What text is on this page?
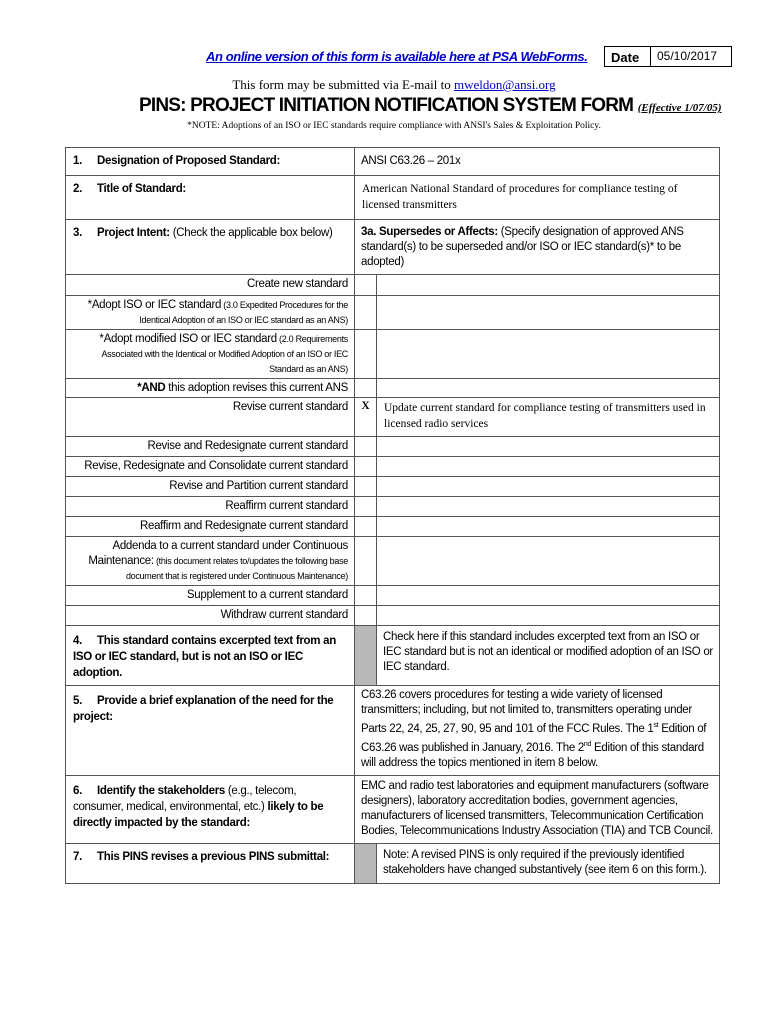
An online version of this form is available here at PSA WebForms.	Date	05/10/2017
This form may be submitted via E-mail to mweldon@ansi.org
PINS: PROJECT INITIATION NOTIFICATION SYSTEM FORM (Effective 1/07/05)
*NOTE: Adoptions of an ISO or IEC standards require compliance with ANSI's Sales & Exploitation Policy.
1. Designation of Proposed Standard:	ANSI C63.26 – 201x	
2. Title of Standard:	American National Standard of procedures for compliance testing of licensed transmitters	
3. Project Intent: (Check the applicable box below)	3a. Supersedes or Affects: (Specify designation of approved ANS standard(s) to be superseded and/or ISO or IEC standard(s)* to be adopted)	
Create new standard		
*Adopt ISO or IEC standard (3.0 Expedited Procedures for the Identical Adoption of an ISO or IEC standard as an ANS)		
*Adopt modified ISO or IEC standard (2.0 Requirements Associated with the Identical or Modified Adoption of an ISO or IEC Standard as an ANS)		
*AND this adoption revises this current ANS		
Revise current standard	X	Update current standard for compliance testing of transmitters used in licensed radio services
Revise and Redesignate current standard		
Revise, Redesignate and Consolidate current standard		
Revise and Partition current standard		
Reaffirm current standard		
Reaffirm and Redesignate current standard		
Addenda to a current standard under Continuous Maintenance: (this document relates to/updates the following base document that is registered under Continuous Maintenance)		
Supplement to a current standard		
Withdraw current standard		
4. This standard contains excerpted text from an ISO or IEC standard, but is not an ISO or IEC adoption.		Check here if this standard includes excerpted text from an ISO or IEC standard but is not an identical or modified adoption of an ISO or IEC standard.
5. Provide a brief explanation of the need for the project:	C63.26 covers procedures for testing a wide variety of licensed transmitters; including, but not limited to, transmitters operating under Parts 22, 24, 25, 27, 90, 95 and 101 of the FCC Rules. The 1st Edition of C63.26 was published in January, 2016. The 2nd Edition of this standard will address the topics mentioned in item 8 below.	
6. Identify the stakeholders (e.g., telecom, consumer, medical, environmental, etc.) likely to be directly impacted by the standard:	EMC and radio test laboratories and equipment manufacturers (software designers), laboratory accreditation bodies, government agencies, manufacturers of licensed transmitters, Telecommunication Certification Bodies, Telecommunications Industry Association (TIA) and TCB Council.	
7. This PINS revises a previous PINS submittal:		Note: A revised PINS is only required if the previously identified stakeholders have changed substantively (see item 6 on this form.).
